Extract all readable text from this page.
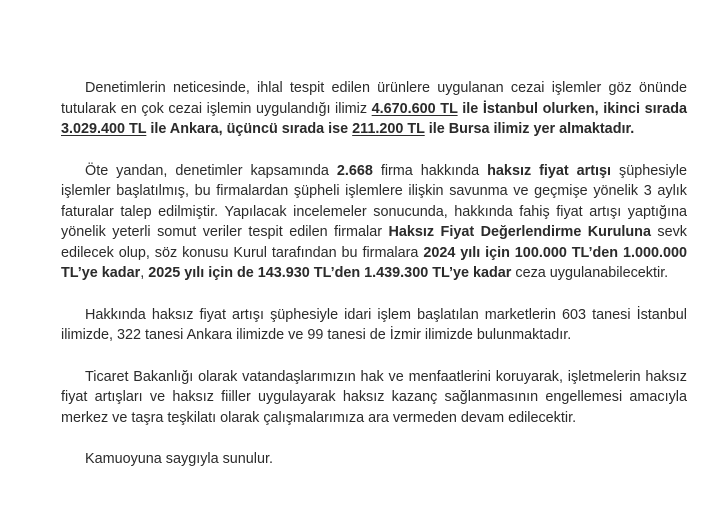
Denetimlerin neticesinde, ihlal tespit edilen ürünlere uygulanan cezai işlemler göz önünde tutularak en çok cezai işlemin uygulandığı ilimiz 4.670.600 TL ile İstanbul olurken, ikinci sırada 3.029.400 TL ile Ankara, üçüncü sırada ise 211.200 TL ile Bursa ilimiz yer almaktadır.

Öte yandan, denetimler kapsamında 2.668 firma hakkında haksız fiyat artışı şüphesiyle işlemler başlatılmış, bu firmalardan şüpheli işlemlere ilişkin savunma ve geçmişe yönelik 3 aylık faturalar talep edilmiştir. Yapılacak incelemeler sonucunda, hakkında fahiş fiyat artışı yaptığına yönelik yeterli somut veriler tespit edilen firmalar Haksız Fiyat Değerlendirme Kuruluna sevk edilecek olup, söz konusu Kurul tarafından bu firmalara 2024 yılı için 100.000 TL’den 1.000.000 TL’ye kadar, 2025 yılı için de 143.930 TL’den 1.439.300 TL’ye kadar ceza uygulanabilecektir.

Hakkında haksız fiyat artışı şüphesiyle idari işlem başlatılan marketlerin 603 tanesi İstanbul ilimizde, 322 tanesi Ankara ilimizde ve 99 tanesi de İzmir ilimizde bulunmaktadır.

Ticaret Bakanlığı olarak vatandaşlarımızın hak ve menfaatlerini koruyarak, işletmelerin haksız fiyat artışları ve haksız fiiller uygulayarak haksız kazanç sağlanmasının engellemesi amacıyla merkez ve taşra teşkilatı olarak çalışmalarımıza ara vermeden devam edilecektir.

Kamuoyuna saygıyla sunulur.
